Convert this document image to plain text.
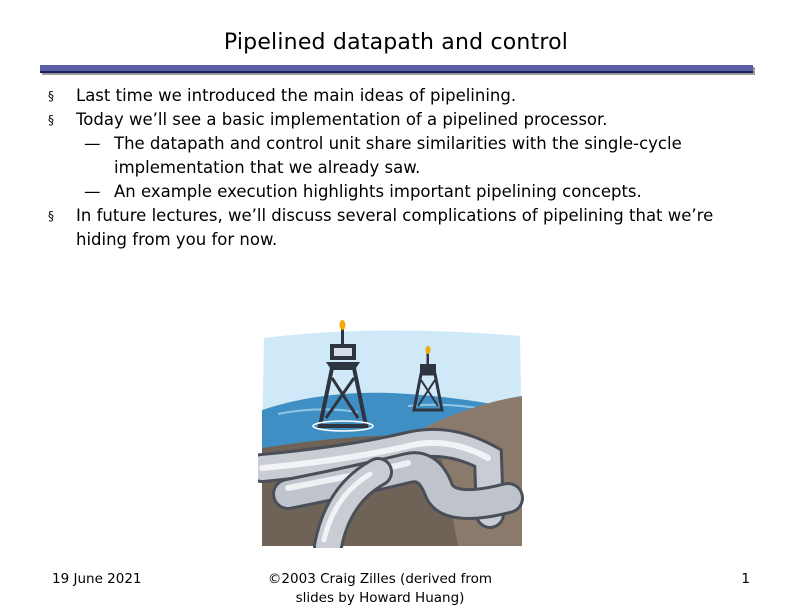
Pipelined datapath and control
§ Last time we introduced the main ideas of pipelining.
§ Today we’ll see a basic implementation of a pipelined processor.
— The datapath and control unit share similarities with the single-cycle implementation that we already saw.
— An example execution highlights important pipelining concepts.
§ In future lectures, we’ll discuss several complications of pipelining that we’re hiding from you for now.
19 June 2021	©2003 Craig Zilles (derived from slides by Howard Huang)
1
